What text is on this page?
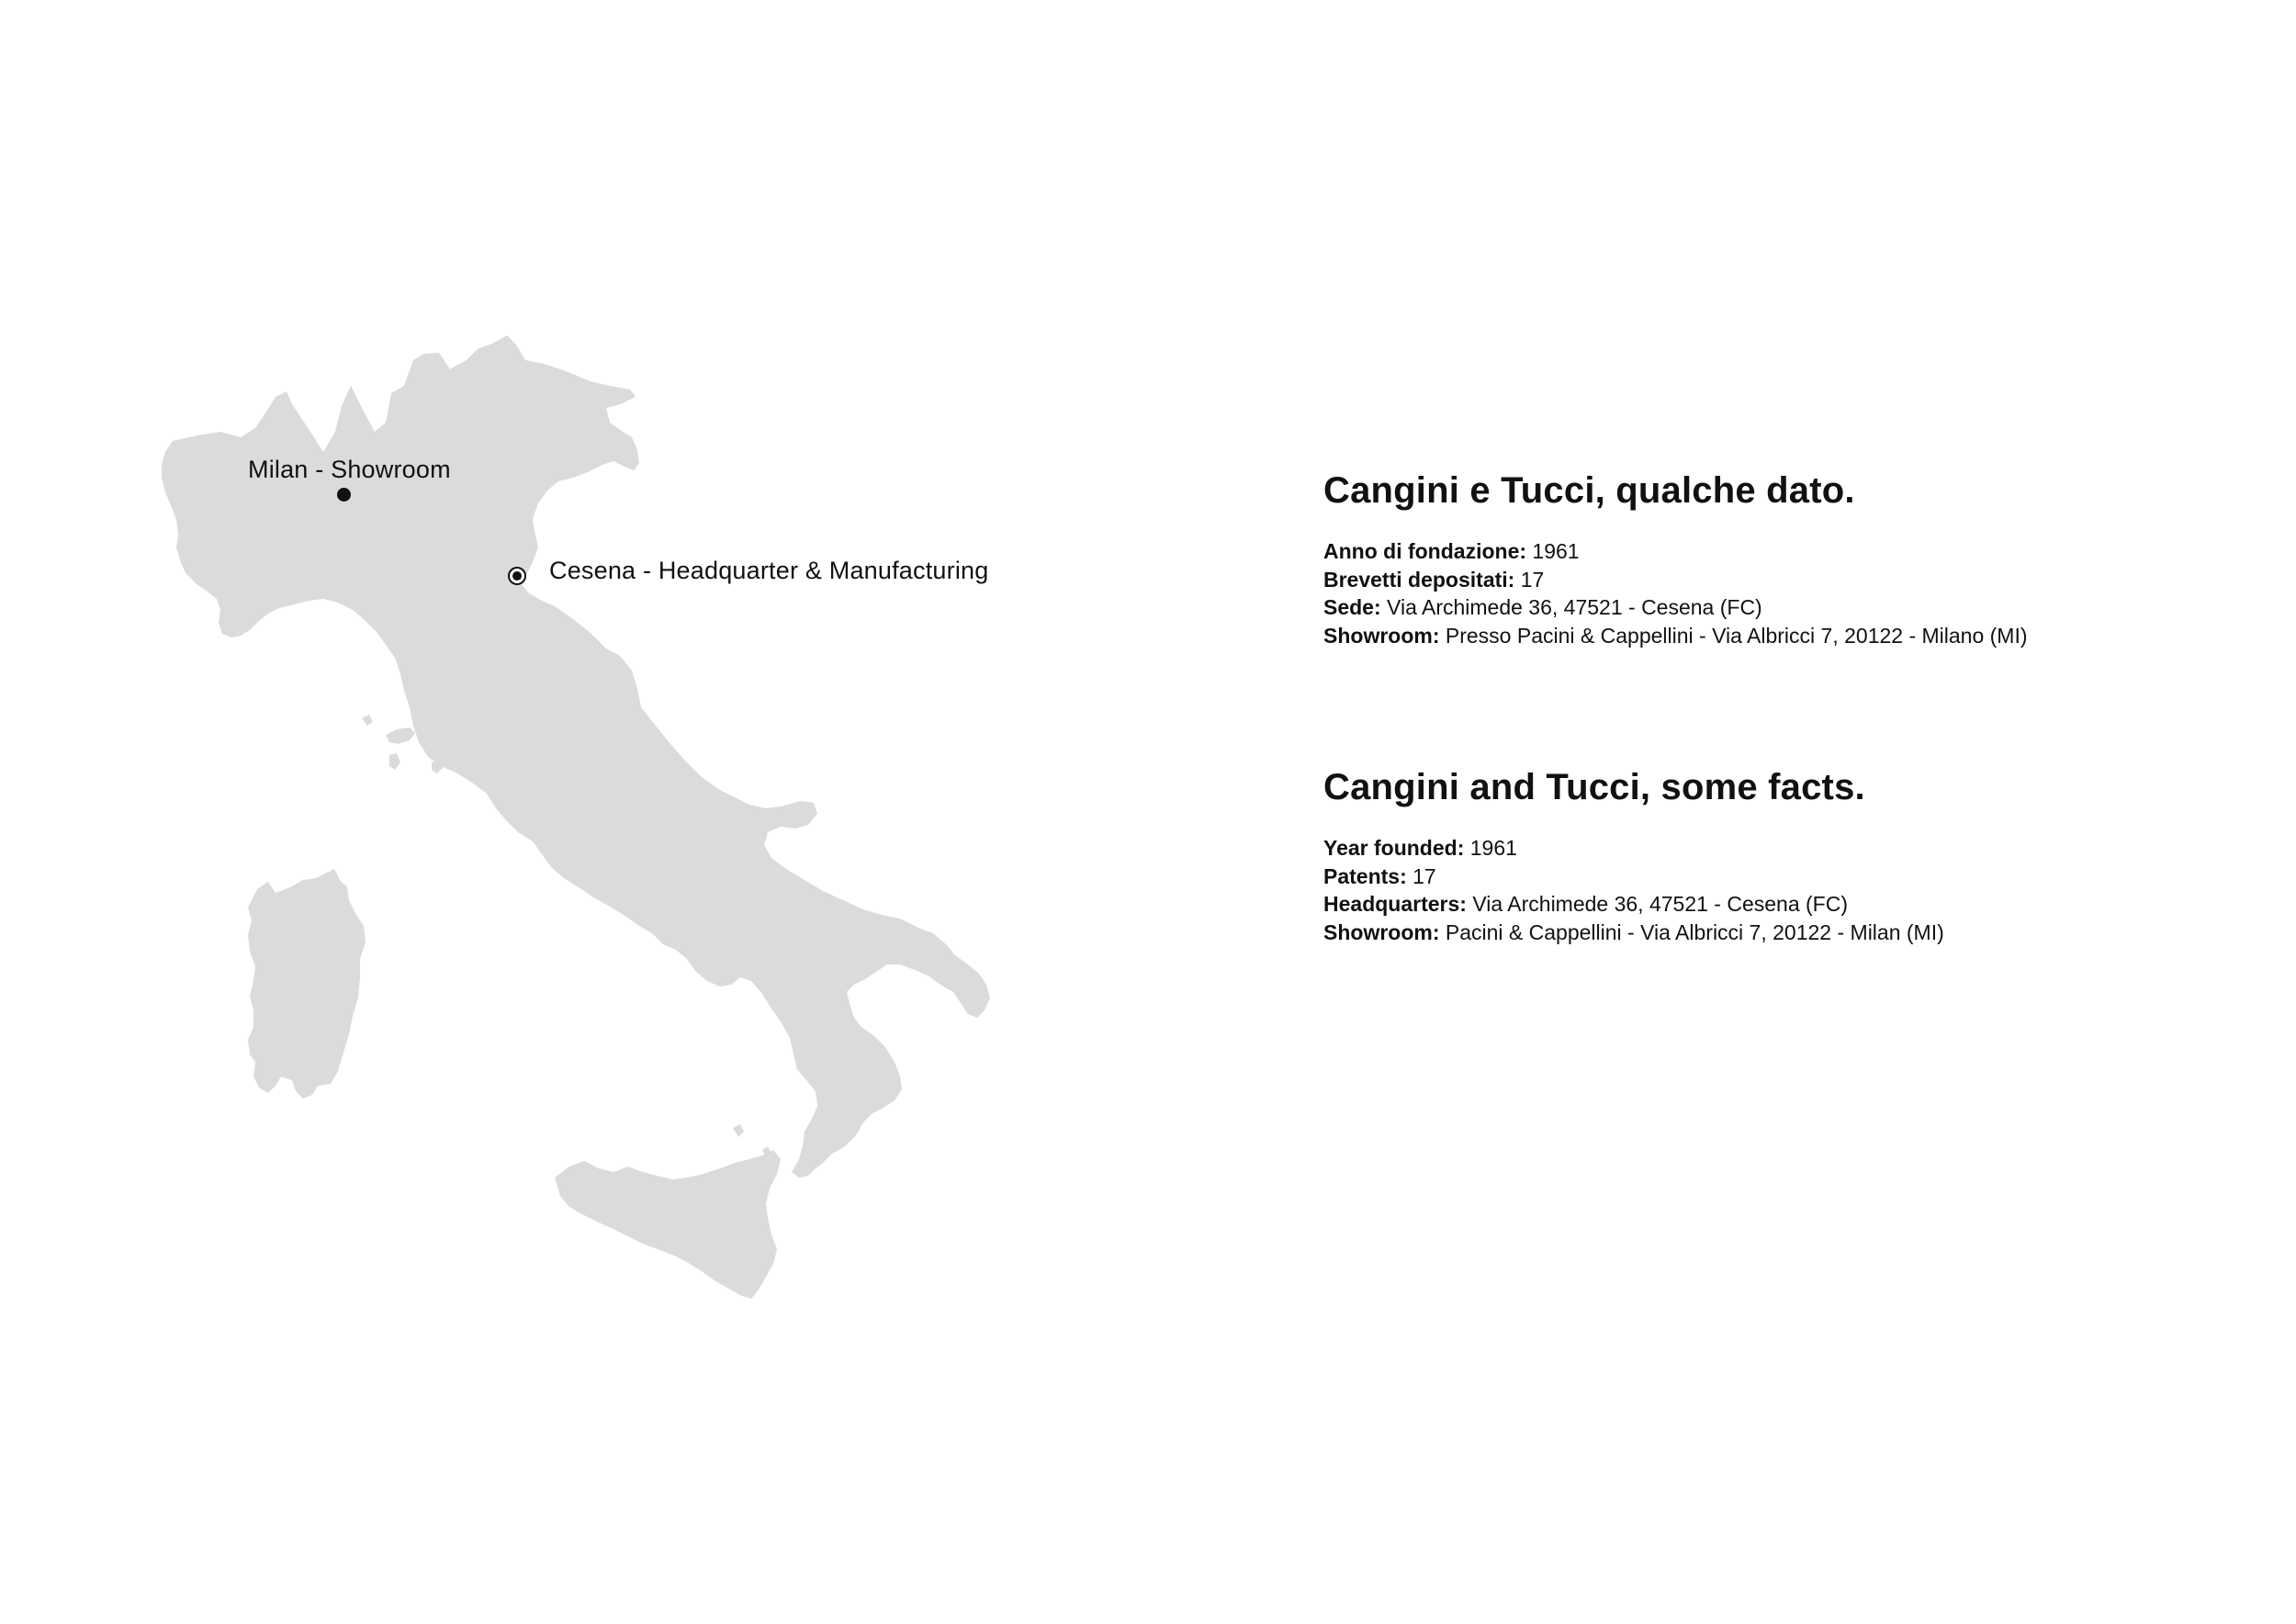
Milan - Showroom
Cesena - Headquarter & Manufacturing
Cangini e Tucci, qualche dato.
Anno di fondazione: 1961
Brevetti depositati: 17
Sede: Via Archimede 36, 47521 - Cesena (FC)
Showroom: Presso Pacini & Cappellini - Via Albricci 7, 20122 - Milano (MI)
Cangini and Tucci, some facts.
Year founded: 1961
Patents: 17
Headquarters: Via Archimede 36, 47521 - Cesena (FC)
Showroom: Pacini & Cappellini - Via Albricci 7, 20122 - Milan (MI)
